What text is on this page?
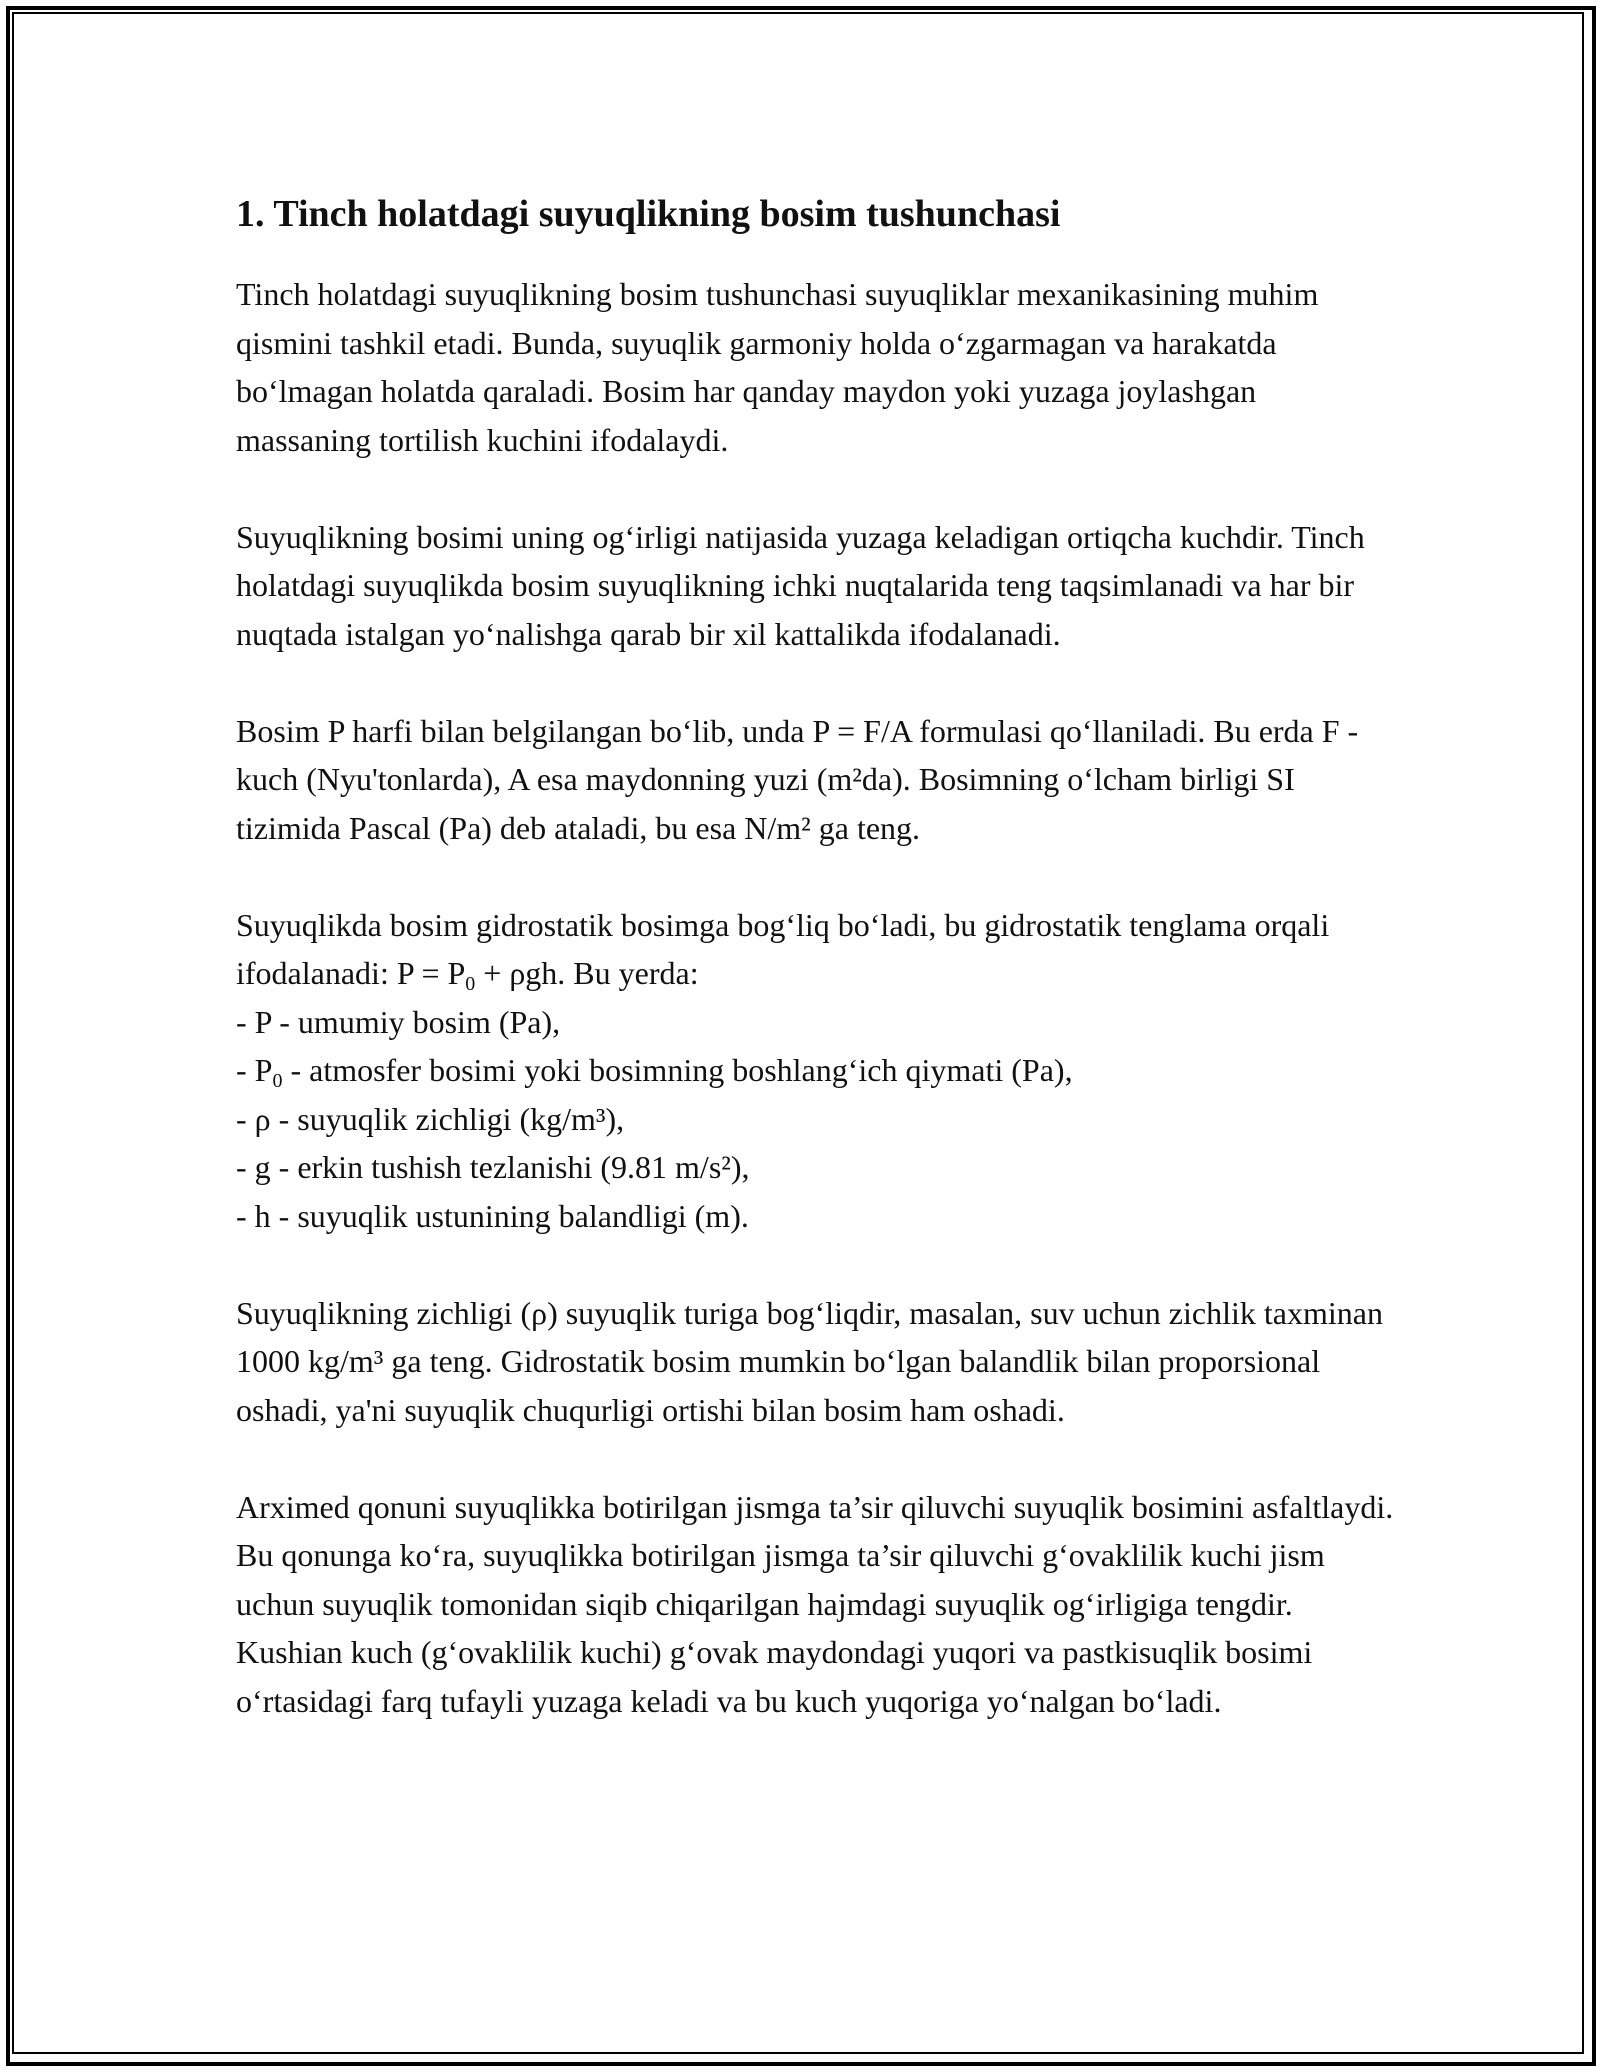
1. Tinch holatdagi suyuqlikning bosim tushunchasi

Tinch holatdagi suyuqlikning bosim tushunchasi suyuqliklar mexanikasining muhim qismini tashkil etadi. Bunda, suyuqlik garmoniy holda o‘zgarmagan va harakatda bo‘lmagan holatda qaraladi. Bosim har qanday maydon yoki yuzaga joylashgan massaning tortilish kuchini ifodalaydi.

Suyuqlikning bosimi uning og‘irligi natijasida yuzaga keladigan ortiqcha kuchdir. Tinch holatdagi suyuqlikda bosim suyuqlikning ichki nuqtalarida teng taqsimlanadi va har bir nuqtada istalgan yo‘nalishga qarab bir xil kattalikda ifodalanadi.

Bosim P harfi bilan belgilangan bo‘lib, unda P = F/A formulasi qo‘llaniladi. Bu erda F - kuch (Nyu'tonlarda), A esa maydonning yuzi (m²da). Bosimning o‘lcham birligi SI tizimida Pascal (Pa) deb ataladi, bu esa N/m² ga teng.

Suyuqlikda bosim gidrostatik bosimga bog‘liq bo‘ladi, bu gidrostatik tenglama orqali ifodalanadi: $P = P_0 + \rho gh$. Bu yerda:
- P - umumiy bosim (Pa),
- $P_0$ - atmosfer bosimi yoki bosimning boshlang‘ich qiymati (Pa),
- ρ - suyuqlik zichligi (kg/m³),
- g - erkin tushish tezlanishi (9.81 m/s²),
- h - suyuqlik ustunining balandligi (m).

Suyuqlikning zichligi (ρ) suyuqlik turiga bog‘liqdir, masalan, suv uchun zichlik taxminan 1000 kg/m³ ga teng. Gidrostatik bosim mumkin bo‘lgan balandlik bilan proporsional oshadi, ya'ni suyuqlik chuqurligi ortishi bilan bosim ham oshadi.

Arximed qonuni suyuqlikka botirilgan jismga ta’sir qiluvchi suyuqlik bosimini asfaltlaydi. Bu qonunga ko‘ra, suyuqlikka botirilgan jismga ta’sir qiluvchi g‘ovaklilik kuchi jism uchun suyuqlik tomonidan siqib chiqarilgan hajmdagi suyuqlik og‘irligiga tengdir. Kushian kuch (g‘ovaklilik kuchi) g‘ovak maydondagi yuqori va pastkisuqlik bosimi o‘rtasidagi farq tufayli yuzaga keladi va bu kuch yuqoriga yo‘nalgan bo‘ladi.
